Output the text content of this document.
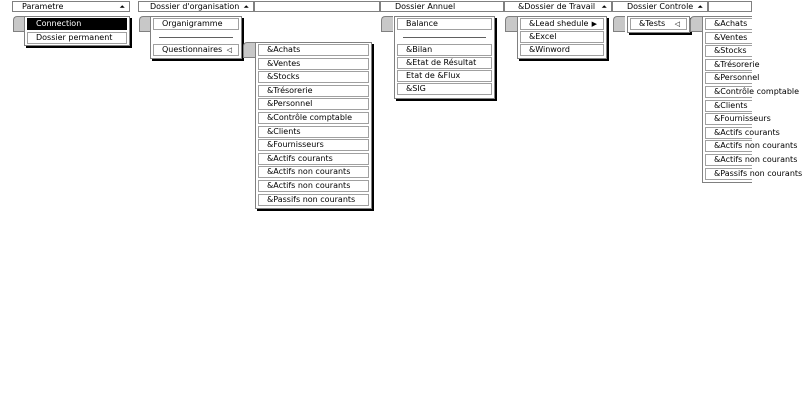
Parametre	⏶	Dossier d'organisation ⏶	Dossier Annuel	&Dossier de Travail ⏶	Dossier Controle ⏶
Connection
Dossier permanent
Organigramme
Questionnaires ◁	&Achats
&Ventes
&Stocks
&Trésorerie
&Personnel
&Contrôle comptable
&Clients
&Fournisseurs
&Actifs courants
&Actifs non courants
&Actifs non courants
&Passifs non courants
Balance
&Bilan
&Etat de Résultat
Etat de &Flux
&SIG
&Lead shedule ▶
&Excel
&Winword
&Tests ◁	&Achats
&Ventes
&Stocks
&Trésorerie
&Personnel
&Contrôle comptable
&Clients
&Fournisseurs
&Actifs courants
&Actifs non courants
&Actifs non courants
&Passifs non courants
